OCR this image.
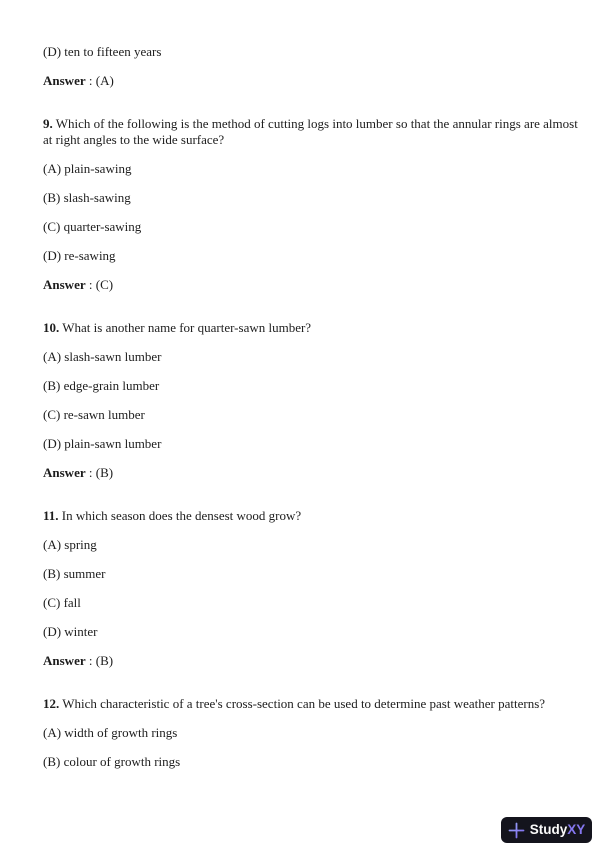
(D) ten to fifteen years

Answer : (A)

9. Which of the following is the method of cutting logs into lumber so that the annular rings are almost at right angles to the wide surface?

(A) plain-sawing

(B) slash-sawing

(C) quarter-sawing

(D) re-sawing

Answer : (C)

10. What is another name for quarter-sawn lumber?

(A) slash-sawn lumber

(B) edge-grain lumber

(C) re-sawn lumber

(D) plain-sawn lumber

Answer : (B)

11. In which season does the densest wood grow?

(A) spring

(B) summer

(C) fall

(D) winter

Answer : (B)

12. Which characteristic of a tree's cross-section can be used to determine past weather patterns?

(A) width of growth rings

(B) colour of growth rings

StudyXY
